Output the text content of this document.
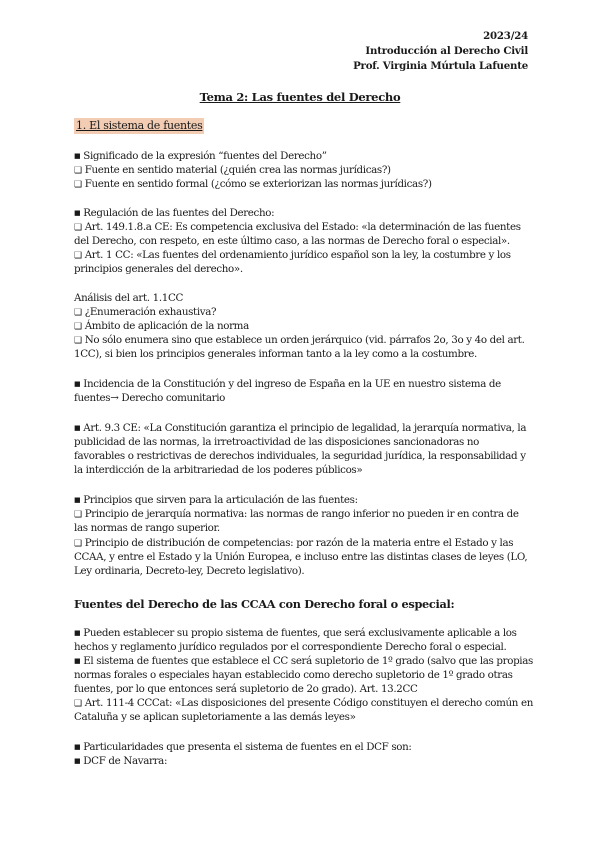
2023/24
Introducción al Derecho Civil
Prof. Virginia Múrtula Lafuente
Tema 2: Las fuentes del Derecho
1. El sistema de fuentes
■ Significado de la expresión “fuentes del Derecho”
❑ Fuente en sentido material (¿quién crea las normas jurídicas?)
❑ Fuente en sentido formal (¿cómo se exteriorizan las normas jurídicas?)
■ Regulación de las fuentes del Derecho:
❑ Art. 149.1.8.a CE: Es competencia exclusiva del Estado: «la determinación de las fuentes
del Derecho, con respeto, en este último caso, a las normas de Derecho foral o especial».
❑ Art. 1 CC: «Las fuentes del ordenamiento jurídico español son la ley, la costumbre y los
principios generales del derecho».
Análisis del art. 1.1CC
❑ ¿Enumeración exhaustiva?
❑ Ámbito de aplicación de la norma
❑ No sólo enumera sino que establece un orden jerárquico (vid. párrafos 2o, 3o y 4o del art.
1CC), si bien los principios generales informan tanto a la ley como a la costumbre.
■ Incidencia de la Constitución y del ingreso de España en la UE en nuestro sistema de
fuentes→ Derecho comunitario
■ Art. 9.3 CE: «La Constitución garantiza el principio de legalidad, la jerarquía normativa, la
publicidad de las normas, la irretroactividad de las disposiciones sancionadoras no
favorables o restrictivas de derechos individuales, la seguridad jurídica, la responsabilidad y
la interdicción de la arbitrariedad de los poderes públicos»
■ Principios que sirven para la articulación de las fuentes:
❑ Principio de jerarquía normativa: las normas de rango inferior no pueden ir en contra de
las normas de rango superior.
❑ Principio de distribución de competencias: por razón de la materia entre el Estado y las
CCAA, y entre el Estado y la Unión Europea, e incluso entre las distintas clases de leyes (LO,
Ley ordinaria, Decreto-ley, Decreto legislativo).
Fuentes del Derecho de las CCAA con Derecho foral o especial:
■ Pueden establecer su propio sistema de fuentes, que será exclusivamente aplicable a los
hechos y reglamento jurídico regulados por el correspondiente Derecho foral o especial.
■ El sistema de fuentes que establece el CC será supletorio de 1º grado (salvo que las propias
normas forales o especiales hayan establecido como derecho supletorio de 1º grado otras
fuentes, por lo que entonces será supletorio de 2o grado). Art. 13.2CC
❑ Art. 111-4 CCCat: «Las disposiciones del presente Código constituyen el derecho común en
Cataluña y se aplican supletoriamente a las demás leyes»
■ Particularidades que presenta el sistema de fuentes en el DCF son:
■ DCF de Navarra:
